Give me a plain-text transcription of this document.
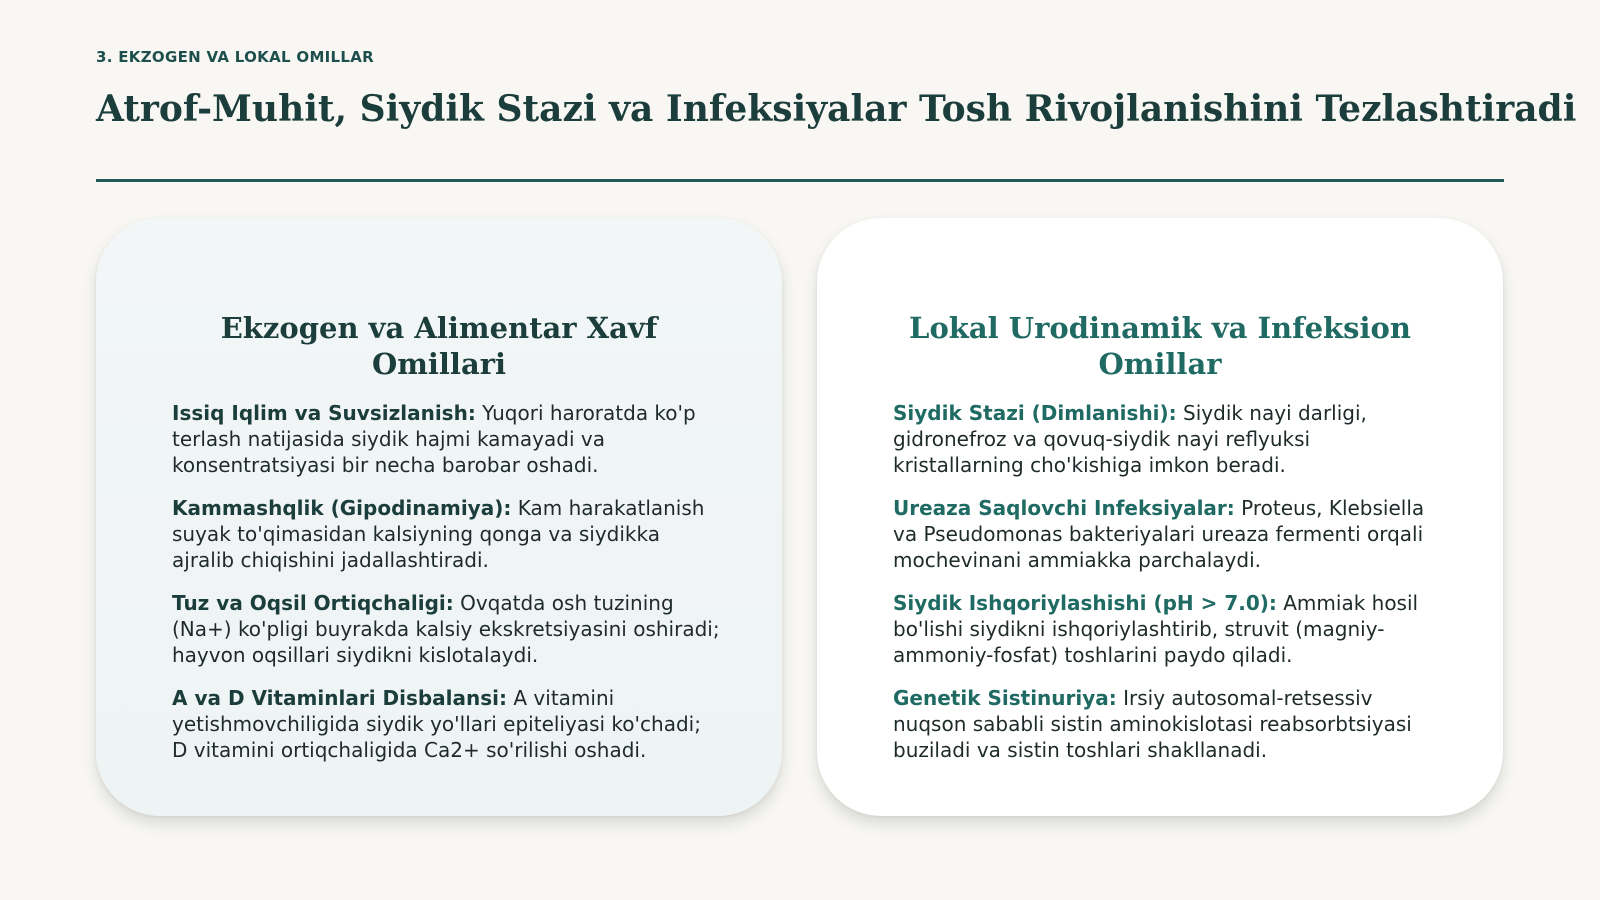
3. EKZOGEN VA LOKAL OMILLAR
Atrof-Muhit, Siydik Stazi va Infeksiyalar Tosh Rivojlanishini Tezlashtiradi
Ekzogen va Alimentar Xavf Omillari
Issiq Iqlim va Suvsizlanish: Yuqori haroratda ko'p terlash natijasida siydik hajmi kamayadi va konsentratsiyasi bir necha barobar oshadi.
Kammashqlik (Gipodinamiya): Kam harakatlanish suyak to'qimasidan kalsiyning qonga va siydikka ajralib chiqishini jadallashtiradi.
Tuz va Oqsil Ortiqchaligi: Ovqatda osh tuzining (Na+) ko'pligi buyrakda kalsiy ekskretsiyasini oshiradi; hayvon oqsillari siydikni kislotalaydi.
A va D Vitaminlari Disbalansi: A vitamini yetishmovchiligida siydik yo'llari epiteliyasi ko'chadi; D vitamini ortiqchaligida Ca2+ so'rilishi oshadi.
Lokal Urodinamik va Infeksion Omillar
Siydik Stazi (Dimlanishi): Siydik nayi darligi, gidronefroz va qovuq-siydik nayi reflyuksi kristallarning cho'kishiga imkon beradi.
Ureaza Saqlovchi Infeksiyalar: Proteus, Klebsiella va Pseudomonas bakteriyalari ureaza fermenti orqali mochevinani ammiakka parchalaydi.
Siydik Ishqoriylashishi (pH > 7.0): Ammiak hosil bo'lishi siydikni ishqoriylashtirib, struvit (magniy-ammoniy-fosfat) toshlarini paydo qiladi.
Genetik Sistinuriya: Irsiy autosomal-retsessiv nuqson sababli sistin aminokislotasi reabsorbtsiyasi buziladi va sistin toshlari shakllanadi.
